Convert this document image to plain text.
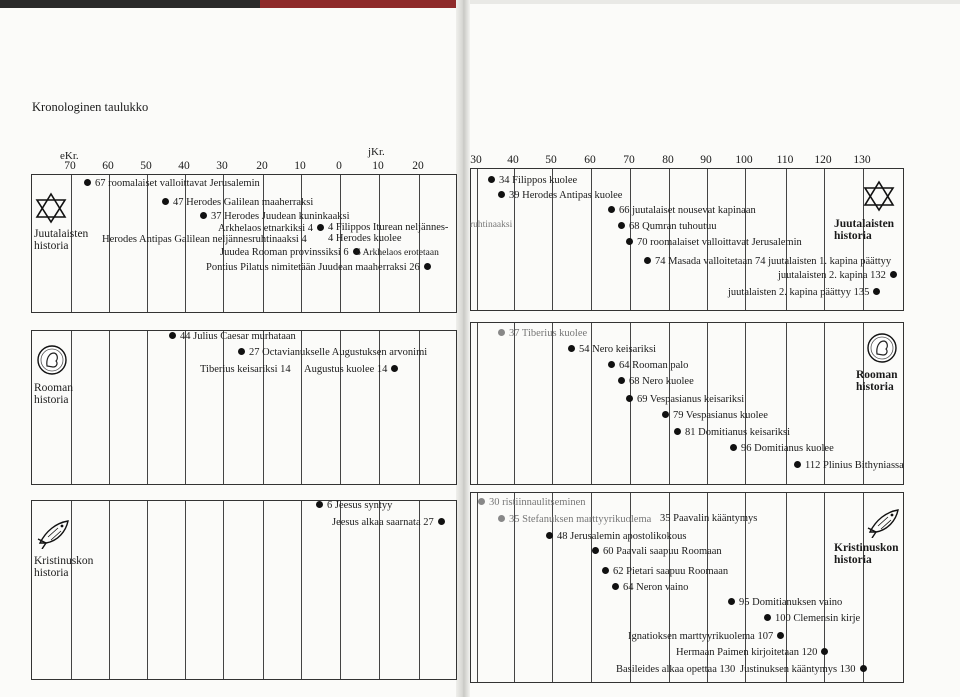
Kronologinen taulukko
eKr.	jKr.
70 60 50 40 30 20 10	0	10 20	30 40 50 60 70 80 90 100 110 120 130
Juutalaisten
historia
Juutalaisten
historia
Rooman
historia
Rooman
historia
Kristinuskon
historia
Kristinuskon
historia
67 roomalaiset valloittavat Jerusalemin
47 Herodes Galilean maaherraksi
37 Herodes Juudean kuninkaaksi
Arkhelaos etnarkiksi 4	4 Filippos Iturean neljännes-
Herodes Antipas Galilean neljännesruhtinaaksi 4 4 Herodes kuolee
Juudea Rooman provinssiksi 6 6 Arkhelaos erotetaan
Pontius Pilatus nimitetään Juudean maaherraksi 26
34 Filippos kuolee
ruhtinaaksi
39 Herodes Antipas kuolee
66 juutalaiset nousevat kapinaan
68 Qumran tuhoutuu
70 roomalaiset valloittavat Jerusalemin
74 Masada valloitetaan 74 juutalaisten 1. kapina päättyy
juutalaisten 2. kapina 132
juutalaisten 2. kapina päättyy 135
44 Julius Caesar murhataan
27 Octavianukselle Augustuksen arvonimi
Tiberius keisariksi 14 Augustus kuolee 14
37 Tiberius kuolee
54 Nero keisariksi
64 Rooman palo
68 Nero kuolee
69 Vespasianus keisariksi
79 Vespasianus kuolee
81 Domitianus keisariksi
96 Domitianus kuolee
112 Plinius Bithyniassa
6 Jeesus syntyy
Jeesus alkaa saarnata 27
30 ristiinnaulitseminen
35 Stefanuksen marttyyrikuolema 35 Paavalin kääntymys
48 Jerusalemin apostolikokous
60 Paavali saapuu Roomaan
62 Pietari saapuu Roomaan
64 Neron vaino
95 Domitianuksen vaino
100 Clemensin kirje
Ignatioksen marttyyrikuolema 107
Hermaan Paimen kirjoitetaan 120
Basileides alkaa opettaa 130 Justinuksen kääntymys 130
